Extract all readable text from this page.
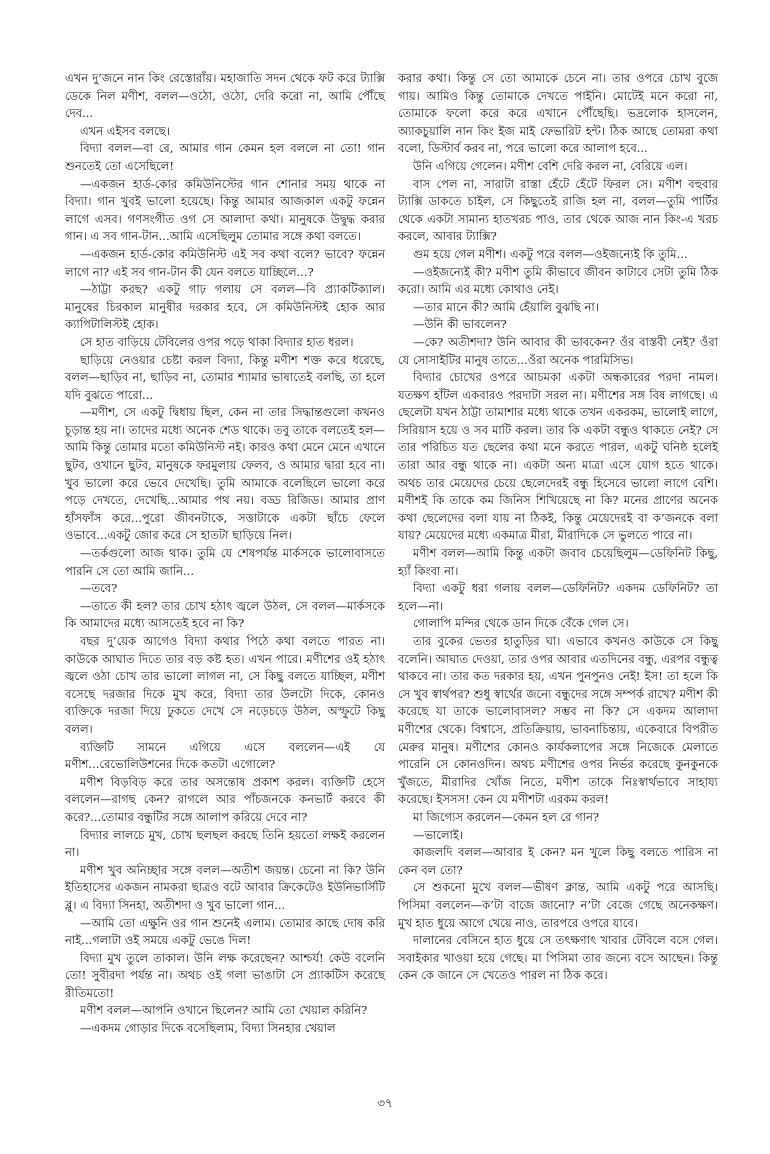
এখন দু’জনে নান কিং রেস্তোরাঁয়। মহাজাতি সদন থেকে ফট করে ট্যাক্সি ডেকে নিল মণীশ, বলল—ওঠো, ওঠো, দেরি করো না, আমি পৌঁছে দেব...

এখন এইসব বলছে।

বিদ্যা বলল—বা রে, আমার গান কেমন হল বললে না তো! গান শুনতেই তো এসেছিলে!

—একজন হার্ড-কোর কমিউনিস্টের গান শোনার সময় থাকে না বিদ্যা। গান খুবই ভালো হয়েছে। কিন্তু আমার আজকাল একটু ফন্নেন লাগে এসব। গণসংগীত ওগ সে আলাদা কথা। মানুষকে উদ্বুদ্ধ করার গান। এ সব গান-টান...আমি এসেছিলুম তোমার সঙ্গে কথা বলতে।

—একজন হার্ড-কোর কমিউনিস্ট এই সব কথা বলে? ভাবে? ফন্নেন লাগে না? এই সব গান-টান কী যেন বলতে যাচ্ছিলে...?

—ঠাট্টা করছ? একটু গাঢ় গলায় সে বলল—বি প্র্যাকটিক্যাল। মানুষের চিরকাল মানুষীর দরকার হবে, সে কমিউনিস্টই হোক আর ক্যাপিটালিস্টই হোক।

সে হাত বাড়িয়ে টেবিলের ওপর পড়ে থাকা বিদ্যার হাত ধরল।

ছাড়িয়ে নেওয়ার চেষ্টা করল বিদ্যা, কিন্তু মণীশ শক্ত করে ধরেছে, বলল—ছাড়িব না, ছাড়িব না, তোমার শ্যামার ভাষাতেই বলছি, তা হলে যদি বুঝতে পারো...

—মণীশ, সে একটু দ্বিধায় ছিল, কেন না তার সিদ্ধান্তগুলো কখনও চূড়ান্ত হয় না। তাদের মধ্যে অনেক শেড থাকে। তবু তাকে বলতেই হল—আমি কিন্তু তোমার মতো কমিউনিস্ট নই। কারও কথা মেনে মেনে এখানে ছুটব, ওখানে ছুটব, মানুষকে ফরমুলায় ফেলব, ও আমার দ্বারা হবে না। খুব ভালো করে ভেবে দেখেছি। তুমি আমাকে বলেছিলে ভালো করে পড়ে দেখতে, দেখেছি...আমার পথ নয়। বড্ড রিজিড। আমার প্রাণ হাঁসফাঁস করে...পুরো জীবনটাকে, সত্তাটাকে একটা ছাঁচে ফেলে ওভাবে...একটু জোর করে সে হাতটা ছাড়িয়ে নিল।

—তর্কগুলো আজ থাক। তুমি যে শেষপর্যন্ত মার্কসকে ভালোবাসতে পারনি সে তো আমি জানি...

—তবে?

—তাতে কী হল? তার চোখ হঠাৎ জ্বলে উঠল, সে বলল—মার্কসকে কি আমাদের মধ্যে আসতেই হবে না কি?

বছর দু’য়েক আগেও বিদ্যা কথার পিঠে কথা বলতে পারত না। কাউকে আঘাত দিতে তার বড় কষ্ট হত। এখন পারে। মণীশের ওই হঠাৎ জ্বলে ওঠা চোখ তার ভালো লাগল না, সে কিছু বলতে যাচ্ছিল, মণীশ বসেছে দরজার দিকে মুখ করে, বিদ্যা তার উলটো দিকে, কোনও ব্যক্তিকে দরজা দিয়ে ঢুকতে দেখে সে নড়েচড়ে উঠল, অস্ফুটে কিছু বলল।

ব্যক্তিটি সামনে এগিয়ে এসে বললেন—এই যে মণীশ...রেভোলিউশনের দিকে কতটা এগোলে?

মণীশ বিড়বিড় করে তার অসন্তোষ প্রকাশ করল। ব্যক্তিটি হেসে বললেন—রাগছ কেন? রাগলে আর পাঁচজনকে কনভার্ট করবে কী করে?...তোমার বন্ধুটির সঙ্গে আলাপ করিয়ে দেবে না?

বিদ্যার লালচে মুখ, চোখ ছলছল করছে তিনি হয়তো লক্ষই করলেন না।

মণীশ খুব অনিচ্ছার সঙ্গে বলল—অতীশ জয়ন্ত। চেনো না কি? উনি ইতিহাসের একজন নামকরা ছাত্রও বটে আবার ক্রিকেটেও ইউনিভার্সিটি ব্লু। এ বিদ্যা সিনহা, অতীশদা ও খুব ভালো গান...

—আমি তো এক্ষুনি ওর গান শুনেই এলাম। তোমার কাছে দোষ করি নাই...গলাটা ওই সময়ে একটু ভেঙে দিল!

বিদ্যা মুখ তুলে তাকাল। উনি লক্ষ করেছেন? আশ্চর্য! কেউ বলেনি তো! সুবীরদা পর্যন্ত না। অথচ ওই গলা ভাঙাটা সে প্র্যাকটিস করেছে রীতিমতো!

মণীশ বলল—আপনি ওখানে ছিলেন? আমি তো খেয়াল করিনি?

—একদম গোড়ার দিকে বসেছিলাম, বিদ্যা সিনহার খেয়াল

করার কথা। কিন্তু সে তো আমাকে চেনে না। তার ওপরে চোখ বুজে গায়। আমিও কিন্তু তোমাকে দেখতে পাইনি। মোটেই মনে করো না, তোমাকে ফলো করে করে এখানে পৌঁছেছি। ভদ্রলোক হাসলেন, অ্যাকচুয়ালি নান কিং ইজ মাই ফেভারিট হন্ট। ঠিক আছে তোমরা কথা বলো, ডিস্টার্ব করব না, পরে ভালো করে আলাপ হবে...

উনি এগিয়ে গেলেন। মণীশ বেশি দেরি করল না, বেরিয়ে এল।

বাস পেল না, সারাটা রাস্তা হেঁটে হেঁটে ফিরল সে। মণীশ বহুবার ট্যাক্সি ডাকতে চাইল, সে কিছুতেই রাজি হল না, বলল—তুমি পার্টির থেকে একটা সামান্য হাতখরচ পাও, তার থেকে আজ নান কিং-এ খরচ করলে, আবার ট্যাক্সি?

গুম হয়ে গেল মণীশ। একটু পরে বলল—ওইজন্যেই কি তুমি...

—ওইজন্যেই কী? মণীশ তুমি কীভাবে জীবন কাটাবে সেটা তুমি ঠিক করো। আমি এর মধ্যে কোথাও নেই।

—তার মানে কী? আমি হেঁয়ালি বুঝছি না।

—উনি কী ভাবলেন?

—কে? অতীশদা? উনি আবার কী ভাবকেন? ওঁর বাস্তবী নেই? ওঁরা যে সোসাইটির মানুষ তাতে...ওঁরা অনেক পারমিসিভ।

বিদ্যার চোখের ওপরে আচমকা একটা অন্ধকারের পরদা নামল। যতক্ষণ হাঁটল একবারও পরদাটা সরল না। মণীশের সঙ্গ বিষ লাগছে। এ ছেলেটা যখন ঠাট্টা তামাশার মধ্যে থাকে তখন একরকম, ভালোই লাগে, সিরিয়াস হয়ে ও সব মাটি করল। তার কি একটা বন্ধুও থাকতে নেই? সে তার পরিচিত যত ছেলের কথা মনে করতে পারল, একটু ঘনিষ্ঠ হলেই তারা আর বন্ধু থাকে না। একটা অন্য মাত্রা এসে যোগ হতে থাকে। অথচ তার মেয়েদের চেয়ে ছেলেদেরই বন্ধু হিসেবে ভালো লাগে বেশি। মণীশই কি তাকে কম জিনিস শিখিয়েছে না কি? মনের প্রাণের অনেক কথা ছেলেদের বলা যায় না ঠিকই, কিন্তু মেয়েদেরই বা ক’জনকে বলা যায়? মেয়েদের মধ্যে একমাত্র মীরা, মীরাদিকে সে ভুলতে পারে না।

মণীশ বলল—আমি কিন্তু একটা জবাব চেয়েছিলুম—ডেফিনিট কিছু, হ্যাঁ কিংবা না।

বিদ্যা একটু ধরা গলায় বলল—ডেফিনিট? একদম ডেফিনিট? তা হলে—না।

গোলাপি মন্দির থেকে ডান দিকে বেঁকে গেল সে।

তার বুকের ভেতর হাতুড়ির ঘা। এভাবে কখনও কাউকে সে কিছু বলেনি। আঘাত দেওয়া, তার ওপর আবার এতদিনের বন্ধু, এরপর বন্ধুত্ব থাকবে না। তার কত দরকার হয়, এখন পুনপুনও নেই! ইস! তা হলে কি সে খুব স্বার্থপর? শুধু স্বার্থের জন্যে বন্ধুদের সঙ্গে সম্পর্ক রাখে? মণীশ কী করেছে যা তাকে ভালোবাসল? সম্ভব না কি? সে একদম আলাদা মণীশের থেকে। বিশ্বাসে, প্রতিক্রিয়ায়, ভাবনাচিন্তায়, একেবারে বিপরীত মেরুর মানুষ। মণীশের কোনও কার্যকলাপের সঙ্গে নিজেকে মেলাতে পারেনি সে কোনওদিন। অথচ মণীশের ওপর নির্ভর করেছে কুনকুনকে খুঁজতে, মীরাদির খোঁজ নিতে, মণীশ তাকে নিঃস্বার্থভাবে সাহায্য করেছে। ইসসস! কেন যে মণীশটা এরকম করল!

মা জিগ্যেস করলেন—কেমন হল রে গান?

—ভালোই।

কাজলদি বলল—আবার ই কেন? মন খুলে কিছু বলতে পারিস না কেন বল তো?

সে শুকনো মুখে বলল—ভীষণ ক্লান্ত, আমি একটু পরে আসছি। পিসিমা বললেন—ক’টা বাজে জানো? ন’টা বেজে গেছে অনেকক্ষণ। মুখ হাত ধুয়ে আগে খেয়ে নাও, তারপরে ওপরে যাবে।

দালানের বেসিনে হাত ধুয়ে সে তৎক্ষণাৎ খাবার টেবিলে বসে গেল। সবাইকার খাওয়া হয়ে গেছে। মা পিসিমা তার জন্যে বসে আছেন। কিন্তু কেন কে জানে সে খেতেও পারল না ঠিক করে।

৩৭
